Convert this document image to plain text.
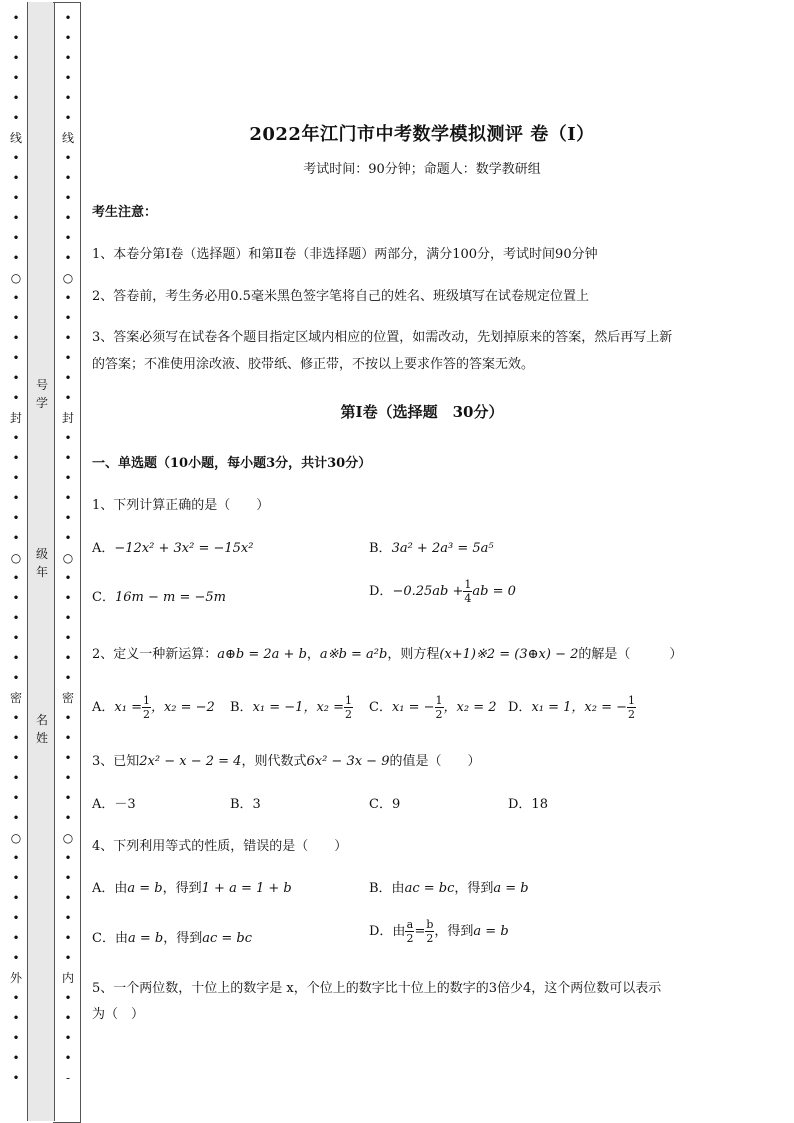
•
•
•
•
•
•
线
•
•
•
•
•
•
○
•
•
•
•
•
•
封
•
•
•
•
•
•
○
•
•
•
•
•
•
密
•
•
•
•
•
•
○
•
•
•
•
•
•
外
•
•
•
•
•
•
•
•
•
•
•
线
•
•
•
•
•
•
○
•
•
•
•
•
•
封
•
•
•
•
•
•
○
•
•
•
•
•
•
密
•
•
•
•
•
•
○
•
•
•
•
•
•
内
•
•
•
•
-
号
学
级
年
名
姓
2022年江门市中考数学模拟测评 卷（Ⅰ）
考试时间：90分钟；命题人：数学教研组
考生注意：
1、本卷分第I卷（选择题）和第Ⅱ卷（非选择题）两部分，满分100分，考试时间90分钟
2、答卷前，考生务必用0.5毫米黑色签字笔将自己的姓名、班级填写在试卷规定位置上
3、答案必须写在试卷各个题目指定区域内相应的位置，如需改动，先划掉原来的答案，然后再写上新
的答案；不准使用涂改液、胶带纸、修正带，不按以上要求作答的答案无效。
第I卷（选择题　30分）
一、单选题（10小题，每小题3分，共计30分）
1、下列计算正确的是（　　）
A．−12x² + 3x² = −15x²	B．3a² + 2a³ = 5a⁵
C．16m − m = −5m	D．$-0.25ab + \frac{1}{4}$ ab = 0
2、定义一种新运算：a⊕b = 2a + b，a※b = a²b，则方程(x+1)※2 = (3⊕x) − 2的解是（　　　）
A．$x_1 = \frac{1}{2}$ ，x₂ = −2 B．x₁ = −1，$x_2 = \frac{1}{2}$ C．x₁ = − $\frac{1}{2}$ ，x₂ = 2 D．x₁ = 1，x₂ = − $\frac{1}{2}$
3、已知2x² − x − 2 = 4，则代数式6x² − 3x − 9的值是（　　）
A．－3	B．3	C．9	D．18
4、下列利用等式的性质，错误的是（　　）
A．由a = b，得到1 + a = 1 + b	B．由ac = bc，得到a = b
C．由a = b，得到ac = bc	D．由 $\frac{a}{2} = \frac{b}{2}$ ，得到a = b
5、一个两位数，十位上的数字是 x，个位上的数字比十位上的数字的3倍少4，这个两位数可以表示
为（　）
